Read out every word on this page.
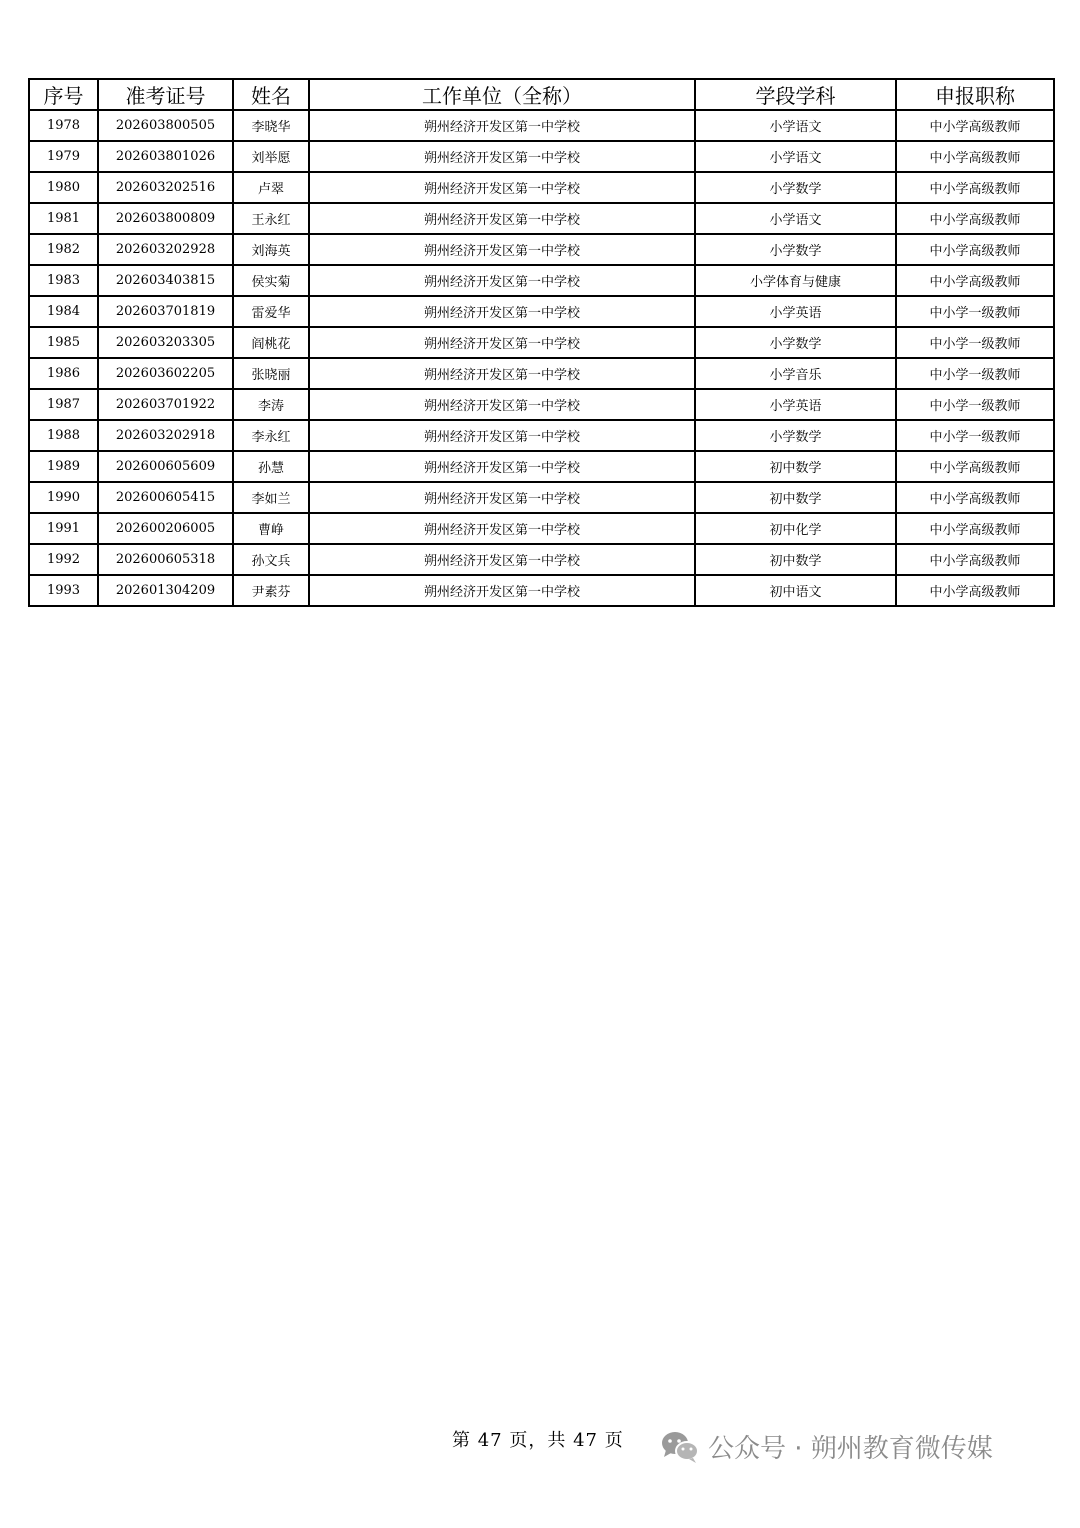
序号	准考证号	姓名	工作单位（全称）	学段学科	申报职称
1978	202603800505	李晓华	朔州经济开发区第一中学校	小学语文	中小学高级教师
1979	202603801026	刘举愿	朔州经济开发区第一中学校	小学语文	中小学高级教师
1980	202603202516	卢翠	朔州经济开发区第一中学校	小学数学	中小学高级教师
1981	202603800809	王永红	朔州经济开发区第一中学校	小学语文	中小学高级教师
1982	202603202928	刘海英	朔州经济开发区第一中学校	小学数学	中小学高级教师
1983	202603403815	侯实菊	朔州经济开发区第一中学校	小学体育与健康	中小学高级教师
1984	202603701819	雷爱华	朔州经济开发区第一中学校	小学英语	中小学一级教师
1985	202603203305	阎桃花	朔州经济开发区第一中学校	小学数学	中小学一级教师
1986	202603602205	张晓丽	朔州经济开发区第一中学校	小学音乐	中小学一级教师
1987	202603701922	李涛	朔州经济开发区第一中学校	小学英语	中小学一级教师
1988	202603202918	李永红	朔州经济开发区第一中学校	小学数学	中小学一级教师
1989	202600605609	孙慧	朔州经济开发区第一中学校	初中数学	中小学高级教师
1990	202600605415	李如兰	朔州经济开发区第一中学校	初中数学	中小学高级教师
1991	202600206005	曹峥	朔州经济开发区第一中学校	初中化学	中小学高级教师
1992	202600605318	孙文兵	朔州经济开发区第一中学校	初中数学	中小学高级教师
1993	202601304209	尹素芬	朔州经济开发区第一中学校	初中语文	中小学高级教师
第 47 页，共 47 页	公众号 · 朔州教育微传媒
